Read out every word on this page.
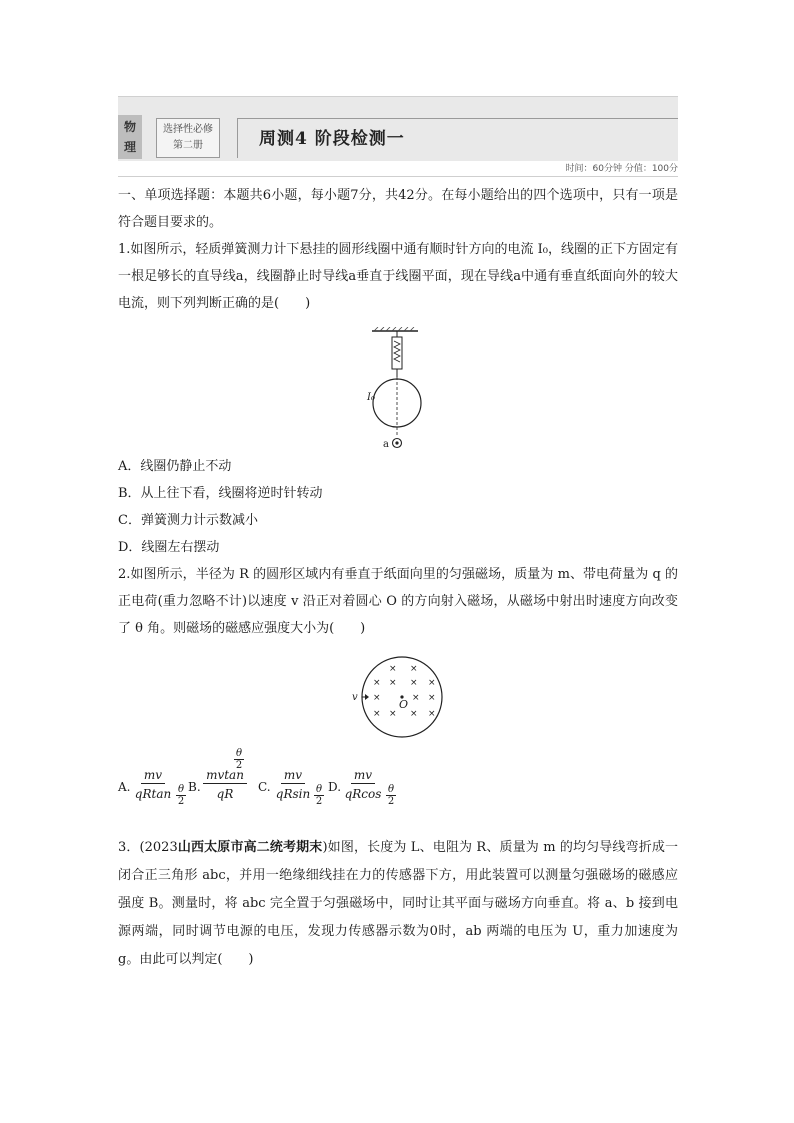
物理
选择性必修
第二册	周测4 阶段检测一
时间：60分钟 分值：100分

一、单项选择题：本题共6小题，每小题7分，共42分。在每小题给出的四个选项中，只有一项是符合题目要求的。

1.如图所示，轻质弹簧测力计下悬挂的圆形线圈中通有顺时针方向的电流 I₀，线圈的正下方固定有一根足够长的直导线a，线圈静止时导线a垂直于线圈平面，现在导线a中通有垂直纸面向外的较大电流，则下列判断正确的是(　　)

A．线圈仍静止不动

B．从上往下看，线圈将逆时针转动

C．弹簧测力计示数减小

D．线圈左右摆动

2.如图所示，半径为 R 的圆形区域内有垂直于纸面向里的匀强磁场，质量为 m、带电荷量为 q 的正电荷(重力忽略不计)以速度 v 沿正对着圆心 O 的方向射入磁场，从磁场中射出时速度方向改变了 θ 角。则磁场的磁感应强度大小为(　　)

I₀
a
× ×
× × × ×
×	× ×
× × × ×
O
v
A.
mv
qRtan $\frac{\theta}{2} B$.
mvtan
qR
$\frac{\theta}{2}$
C.
mv
qRsin $\frac{\theta}{2} D$.
mv
qRcos $\frac{\theta}{2}$

3．(2023山西太原市高二统考期末)如图，长度为 L、电阻为 R、质量为 m 的均匀导线弯折成一闭合正三角形 abc，并用一绝缘细线挂在力的传感器下方，用此装置可以测量匀强磁场的磁感应强度 B。测量时，将 abc 完全置于匀强磁场中，同时让其平面与磁场方向垂直。将 a、b 接到电源两端，同时调节电源的电压，发现力传感器示数为0时，ab 两端的电压为 U，重力加速度为 g。由此可以判定(　　)
